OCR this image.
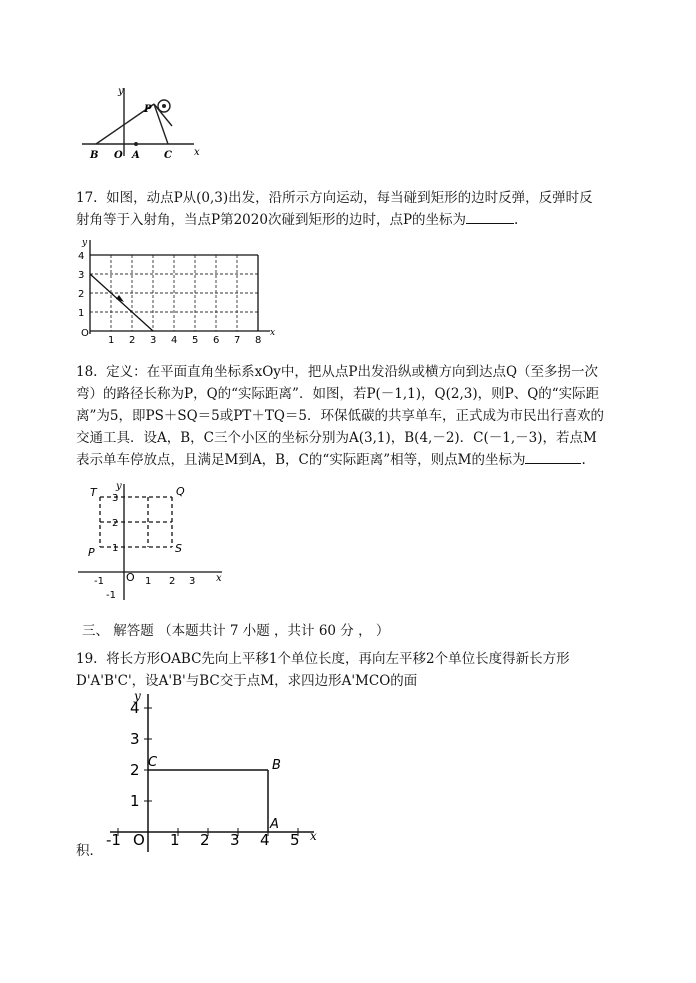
y
x
B O A C
P
17. 如图，动点P从(0,3)出发，沿所示方向运动，每当碰到矩形的边时反弹，反弹时反
射角等于入射角，当点P第2020次碰到矩形的边时，点P的坐标为	.
y
x
O
1 2 3 4 5 6 7 8
1
2
3
4
18. 定义：在平面直角坐标系xOy中，把从点P出发沿纵或横方向到达点Q（至多拐一次
弯）的路径长称为P，Q的“实际距离”．如图，若P(－1,1)，Q(2,3)，则P、Q的“实际距
离”为5，即PS＋SQ＝5或PT＋TQ＝5．环保低碳的共享单车，正式成为市民出行喜欢的
交通工具．设A，B，C三个小区的坐标分别为A(3,1)，B(4,－2)．C(－1,－3)，若点M
表示单车停放点，且满足M到A，B，C的“实际距离”相等，则点M的坐标为	.
y
x
O
-1	1 2 3
1
2
3
-1
T	Q
P	S
三、 解答题 （本题共计 7 小题 ，共计 60 分 ， ）
19. 将长方形OABC先向上平移1个单位长度，再向左平移2个单位长度得新长方形
D'A'B'C'，设A'B'与BC交于点M，求四边形A'MCO的面
y
x
4
3
2
1
-1 O 1 2 3 4 5
C	B
A
积．
